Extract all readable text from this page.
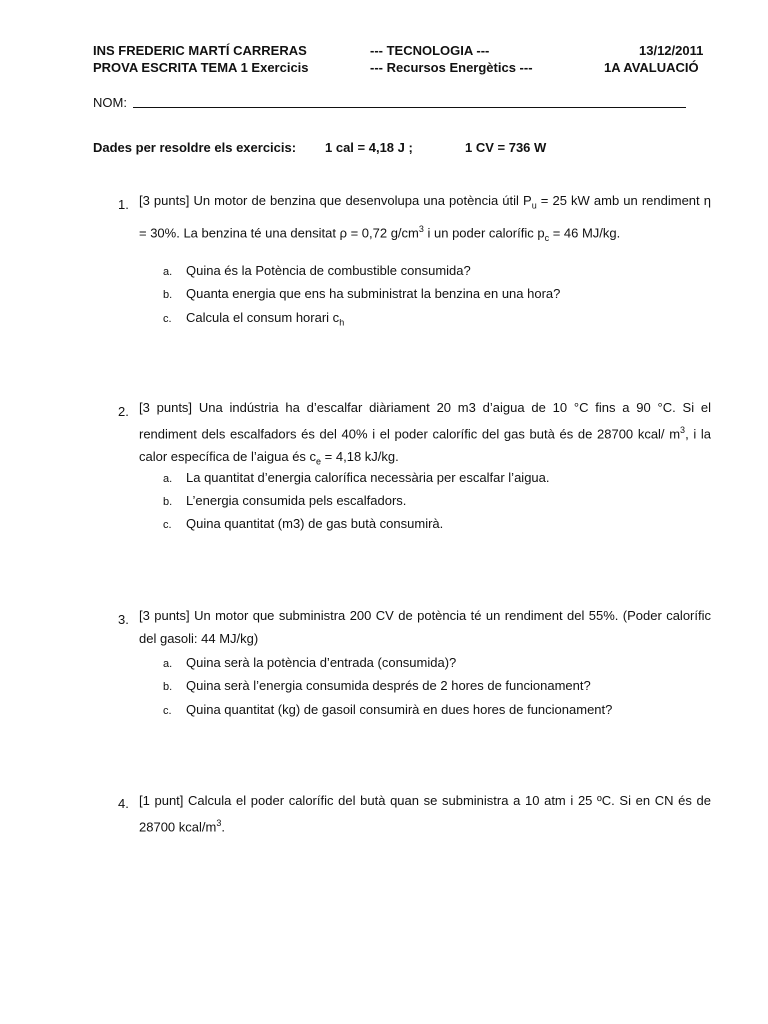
INS FREDERIC MARTÍ CARRERAS	--- TECNOLOGIA ---	13/12/2011
PROVA ESCRITA TEMA 1 Exercicis	--- Recursos Energètics ---	1A AVALUACIÓ
NOM:
Dades per resoldre els exercicis: 1 cal = 4,18 J ;	1 CV = 736 W
1. [3 punts] Un motor de benzina que desenvolupa una potència útil $P_u = 25$ kW amb un rendiment η = 30%. La benzina té una densitat ρ = 0,72 $g/cm^3$ i un poder calorífic $p_c = 46$ MJ/kg.
a. Quina és la Potència de combustible consumida?
b. Quanta energia que ens ha subministrat la benzina en una hora?
c. Calcula el consum horari $c_h$
2. [3 punts] Una indústria ha d’escalfar diàriament 20 m3 d’aigua de 10 °C fins a 90 °C. Si el rendiment dels escalfadors és del 40% i el poder calorífic del gas butà és de 28700 kcal/ $m^3$, i la calor específica de l’aigua és $c_e = 4,18$ kJ/kg.
a. La quantitat d’energia calorífica necessària per escalfar l’aigua.
b. L’energia consumida pels escalfadors.
c. Quina quantitat (m3) de gas butà consumirà.
3. [3 punts] Un motor que subministra 200 CV de potència té un rendiment del 55%. (Poder calorífic del gasoli: 44 MJ/kg)
a. Quina serà la potència d’entrada (consumida)?
b. Quina serà l’energia consumida després de 2 hores de funcionament?
c. Quina quantitat (kg) de gasoil consumirà en dues hores de funcionament?
4. [1 punt] Calcula el poder calorífic del butà quan se subministra a 10 atm i 25 ºC. Si en CN és de 28700 kcal/$m^3$.
